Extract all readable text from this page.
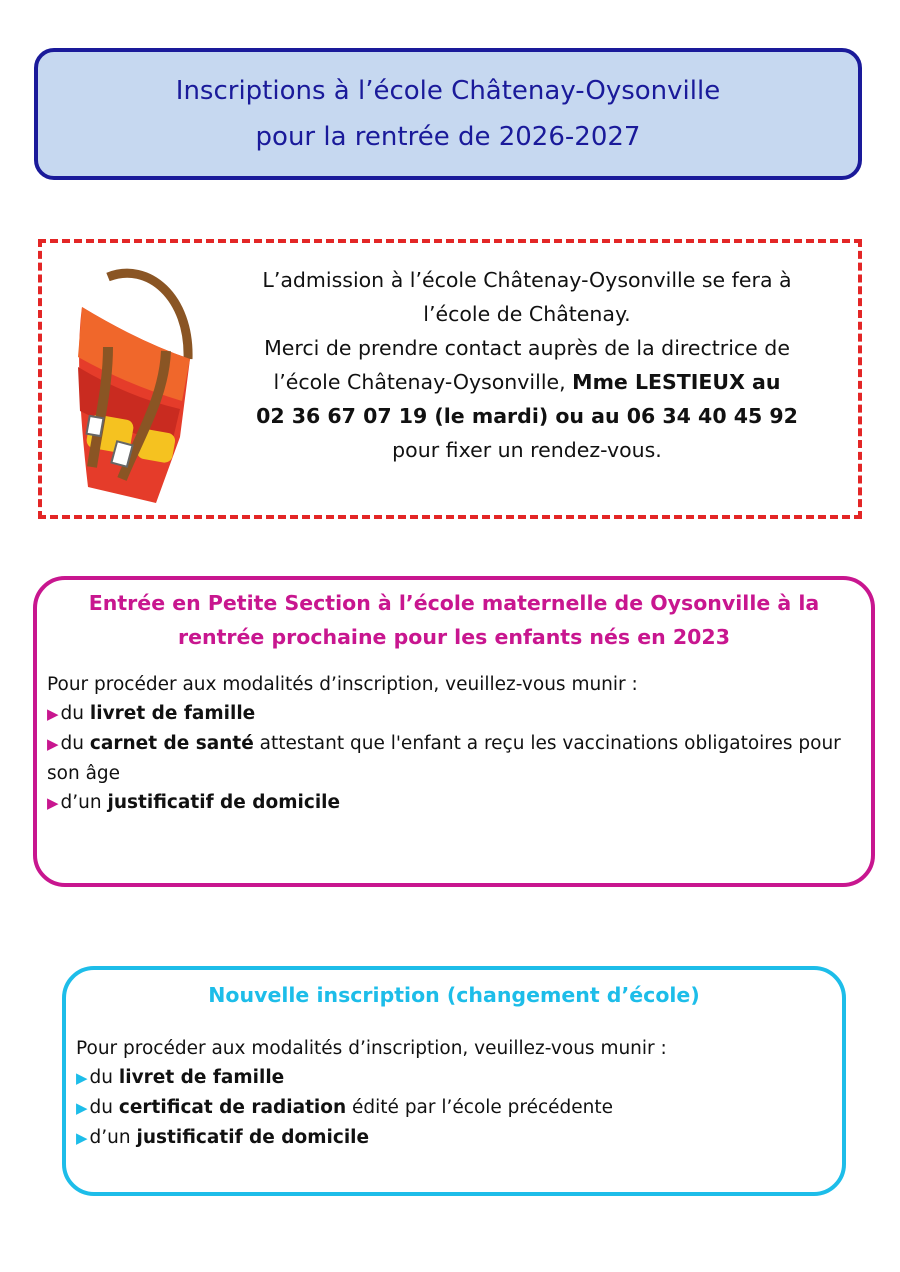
Inscriptions à l’école Châtenay-Oysonville
pour la rentrée de 2026-2027
L’admission à l’école Châtenay-Oysonville se fera à
l’école de Châtenay.
Merci de prendre contact auprès de la directrice de
l’école Châtenay-Oysonville, Mme LESTIEUX au
02 36 67 07 19 (le mardi) ou au 06 34 40 45 92
pour fixer un rendez-vous.
Entrée en Petite Section à l’école maternelle de Oysonville à la rentrée prochaine pour les enfants nés en 2023
Pour procéder aux modalités d’inscription, veuillez-vous munir :
▶ du livret de famille
▶ du carnet de santé attestant que l'enfant a reçu les vaccinations obligatoires pour son âge
▶ d’un justificatif de domicile
Nouvelle inscription (changement d’école)
Pour procéder aux modalités d’inscription, veuillez-vous munir :
▶ du livret de famille
▶ du certificat de radiation édité par l’école précédente
▶ d’un justificatif de domicile
